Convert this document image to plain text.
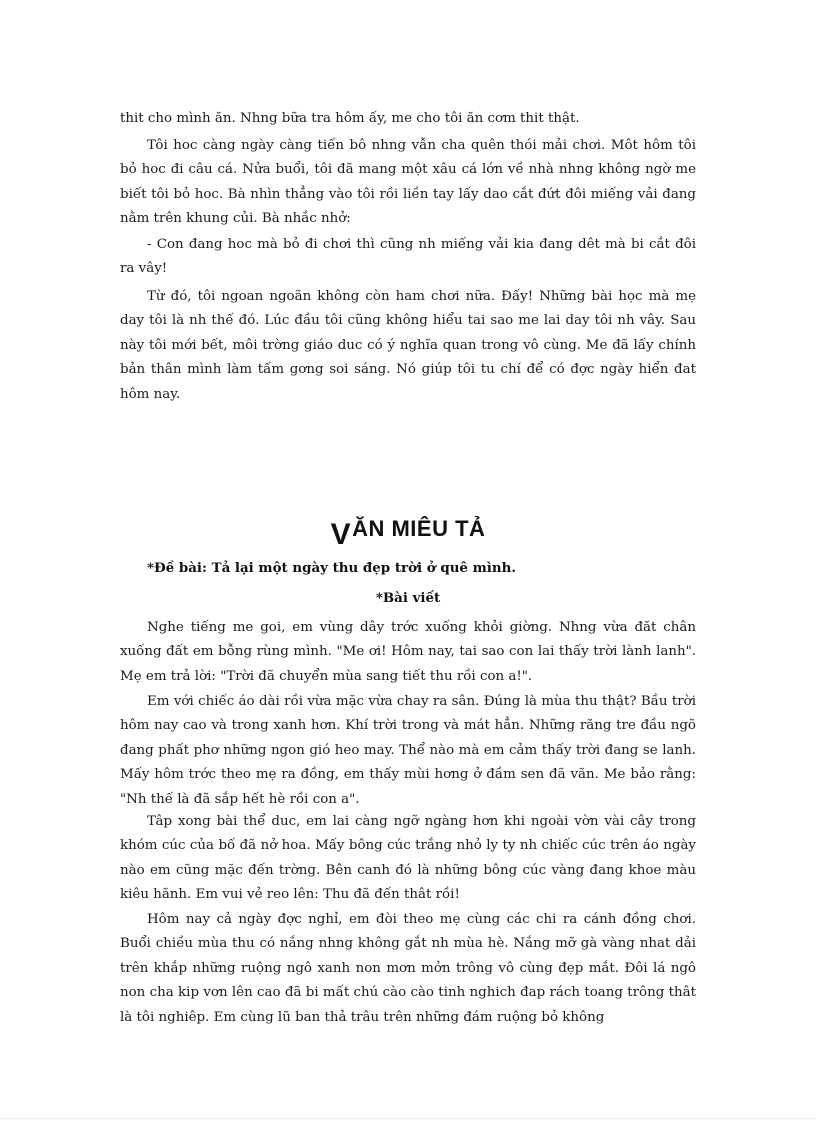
thit cho mình ăn. Nhng bữa tra hôm ấy, me cho tôi ăn cơm thit thật.

Tôi hoc càng ngày càng tiến bô nhng vẫn cha quên thói mải chơi. Môt hôm tôi bỏ hoc đi câu cá. Nửa buổi, tôi đã mang một xâu cá lớn về nhà nhng không ngờ me biết tôi bỏ hoc. Bà nhìn thẳng vào tôi rồi liền tay lấy dao cắt đứt đôi miếng vải đang nằm trên khung củi. Bà nhắc nhở:

- Con đang hoc mà bỏ đi chơi thì cũng nh miếng vải kia đang dêt mà bi cắt đôi ra vây!

Từ đó, tôi ngoan ngoãn không còn ham chơi nữa. Đấy! Những bài học mà mẹ day tôi là nh thế đó. Lúc đầu tôi cũng không hiểu tai sao me lai day tôi nh vây. Sau này tôi mới bết, môi trờng giáo duc có ý nghĩa quan trong vô cùng. Me đã lấy chính bản thân mình làm tấm gơng soi sáng. Nó giúp tôi tu chí để có đợc ngày hiển đat hôm nay.

VĂN MIÊU TẢ
*Đề bài: Tả lại một ngày thu đẹp trời ở quê mình.
*Bài viết

Nghe tiếng me goi, em vùng dây trớc xuống khỏi giờng. Nhng vừa đăt chân xuống đất em bỗng rùng mình. "Me ơi! Hôm nay, tai sao con lai thấy trời lành lanh". Mẹ em trả lời: "Trời đã chuyển mùa sang tiết thu rồi con a!".

Em với chiếc áo dài rồi vừa mặc vừa chay ra sân. Đúng là mùa thu thật? Bầu trời hôm nay cao và trong xanh hơn. Khí trời trong và mát hẳn. Những răng tre đầu ngõ đang phất phơ những ngon gió heo may. Thể nào mà em cảm thấy trời đang se lanh. Mấy hôm trớc theo mẹ ra đồng, em thấy mùi hơng ở đầm sen đã vãn. Me bảo rằng: "Nh thế là đã sắp hết hè rồi con a".

Tâp xong bài thể duc, em lai càng ngỡ ngàng hơn khi ngoài vờn vài cây trong khóm cúc của bố đã nở hoa. Mấy bông cúc trắng nhỏ ly ty nh chiếc cúc trên áo ngày nào em cũng mặc đến trờng. Bên canh đó là những bông cúc vàng đang khoe màu kiêu hãnh. Em vui vẻ reo lên: Thu đã đến thât rồi!

Hôm nay cả ngày đợc nghỉ, em đòi theo mẹ cùng các chi ra cánh đồng chơi. Buổi chiều mùa thu có nắng nhng không gắt nh mùa hè. Nắng mỡ gà vàng nhat dải trên khắp những ruộng ngô xanh non mơn mởn trông vô cùng đẹp mắt. Đôi lá ngô non cha kip vơn lên cao đã bi mất chú cào cào tinh nghich đap rách toang trông thât là tôi nghiêp. Em cùng lũ ban thả trâu trên những đám ruộng bỏ không
